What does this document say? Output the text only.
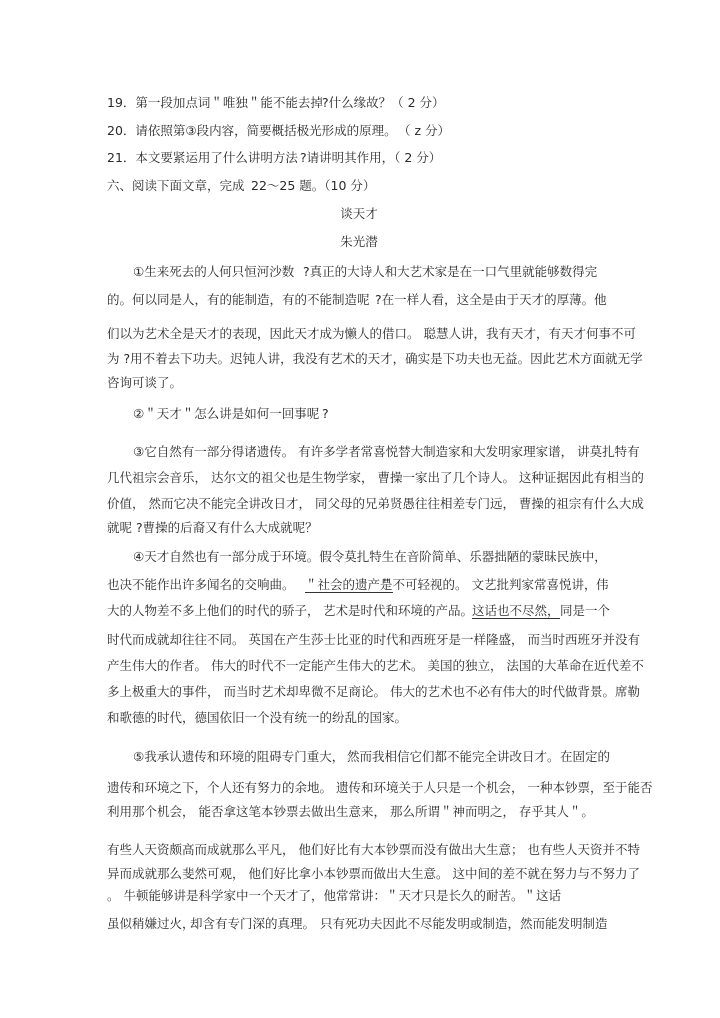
19．第一段加点词＂唯独＂能不能去掉 ?什么缘故？（ 2 分）
20．请依照第③段内容，简要概括极光形成的原理。 （ z 分）
21．本文要紧运用了什么讲明方法 ?请讲明其作用，（ 2 分）
六、阅读下面文章，完成 22～25 题。（10 分）
谈天才
朱光潜
①生来死去的人何只恒河沙数 ?真正的大诗人和大艺术家是在一口气里就能够数得完
的。何以同是人，有的能制造，有的不能制造呢 ?在一样人看，这全是由于天才的厚薄。他
们以为艺术全是天才的表现，因此天才成为懒人的借口。 聪慧人讲，我有天才，有天才何事不可
为 ?用不着去下功夫。迟钝人讲，我没有艺术的天才，确实是下功夫也无益。因此艺术方面就无学
咨询可谈了。
②＂天才＂怎么讲是如何一回事呢 ?
③它自然有一部分得诸遗传。 有许多学者常喜悦替大制造家和大发明家理家谱， 讲莫扎特有
几代祖宗会音乐， 达尔文的祖父也是生物学家， 曹操一家出了几个诗人。 这种证据因此有相当的
价值， 然而它决不能完全讲改日才， 同父母的兄弟贤愚往往相差专门远， 曹操的祖宗有什么大成
就呢 ?曹操的后裔又有什么大成就呢？
④天才自然也有一部分成于环境。假令莫扎特生在音阶简单、乐器拙陋的蒙昧民族中，
也决不能作出许多闻名的交响曲。 ＂社会的遗产＂
是不可轻视的。 文艺批判家常喜悦讲， 伟
大的人物差不多上他们的时代的骄子， 艺术是时代和环境的产品。
这话也不尽然， 同是一个
时代而成就却往往不同。 英国在产生莎士比亚的时代和西班牙是一样隆盛， 而当时西班牙并没有
产生伟大的作者。 伟大的时代不一定能产生伟大的艺术。 美国的独立， 法国的大革命在近代差不
多上极重大的事件， 而当时艺术却卑微不足商论。 伟大的艺术也不必有伟大的时代做背景。席勒
和歌德的时代，德国依旧一个没有统一的纷乱的国家。
⑤我承认遗传和环境的阻碍专门重大， 然而我相信它们都不能完全讲改日才。 在固定的
遗传和环境之下，个人还有努力的余地。 遗传和环境关于人只是一个机会， 一种本钞票，至于能否
利用那个机会， 能否拿这笔本钞票去做出生意来， 那么所谓＂神而明之， 存乎其人＂。
有些人天资颇高而成就那么平凡， 他们好比有大本钞票而没有做出大生意； 也有些人天资并不特
异而成就那么斐然可观， 他们好比拿小本钞票而做出大生意。 这中间的差不就在努力与不努力了
。 牛顿能够讲是科学家中一个天才了，他常常讲：＂天才只是长久的耐苦。＂这话
虽似稍嫌过火，
却含有专门深的真理。 只有死功夫因此不尽能发明或制造， 然而能发明制造
